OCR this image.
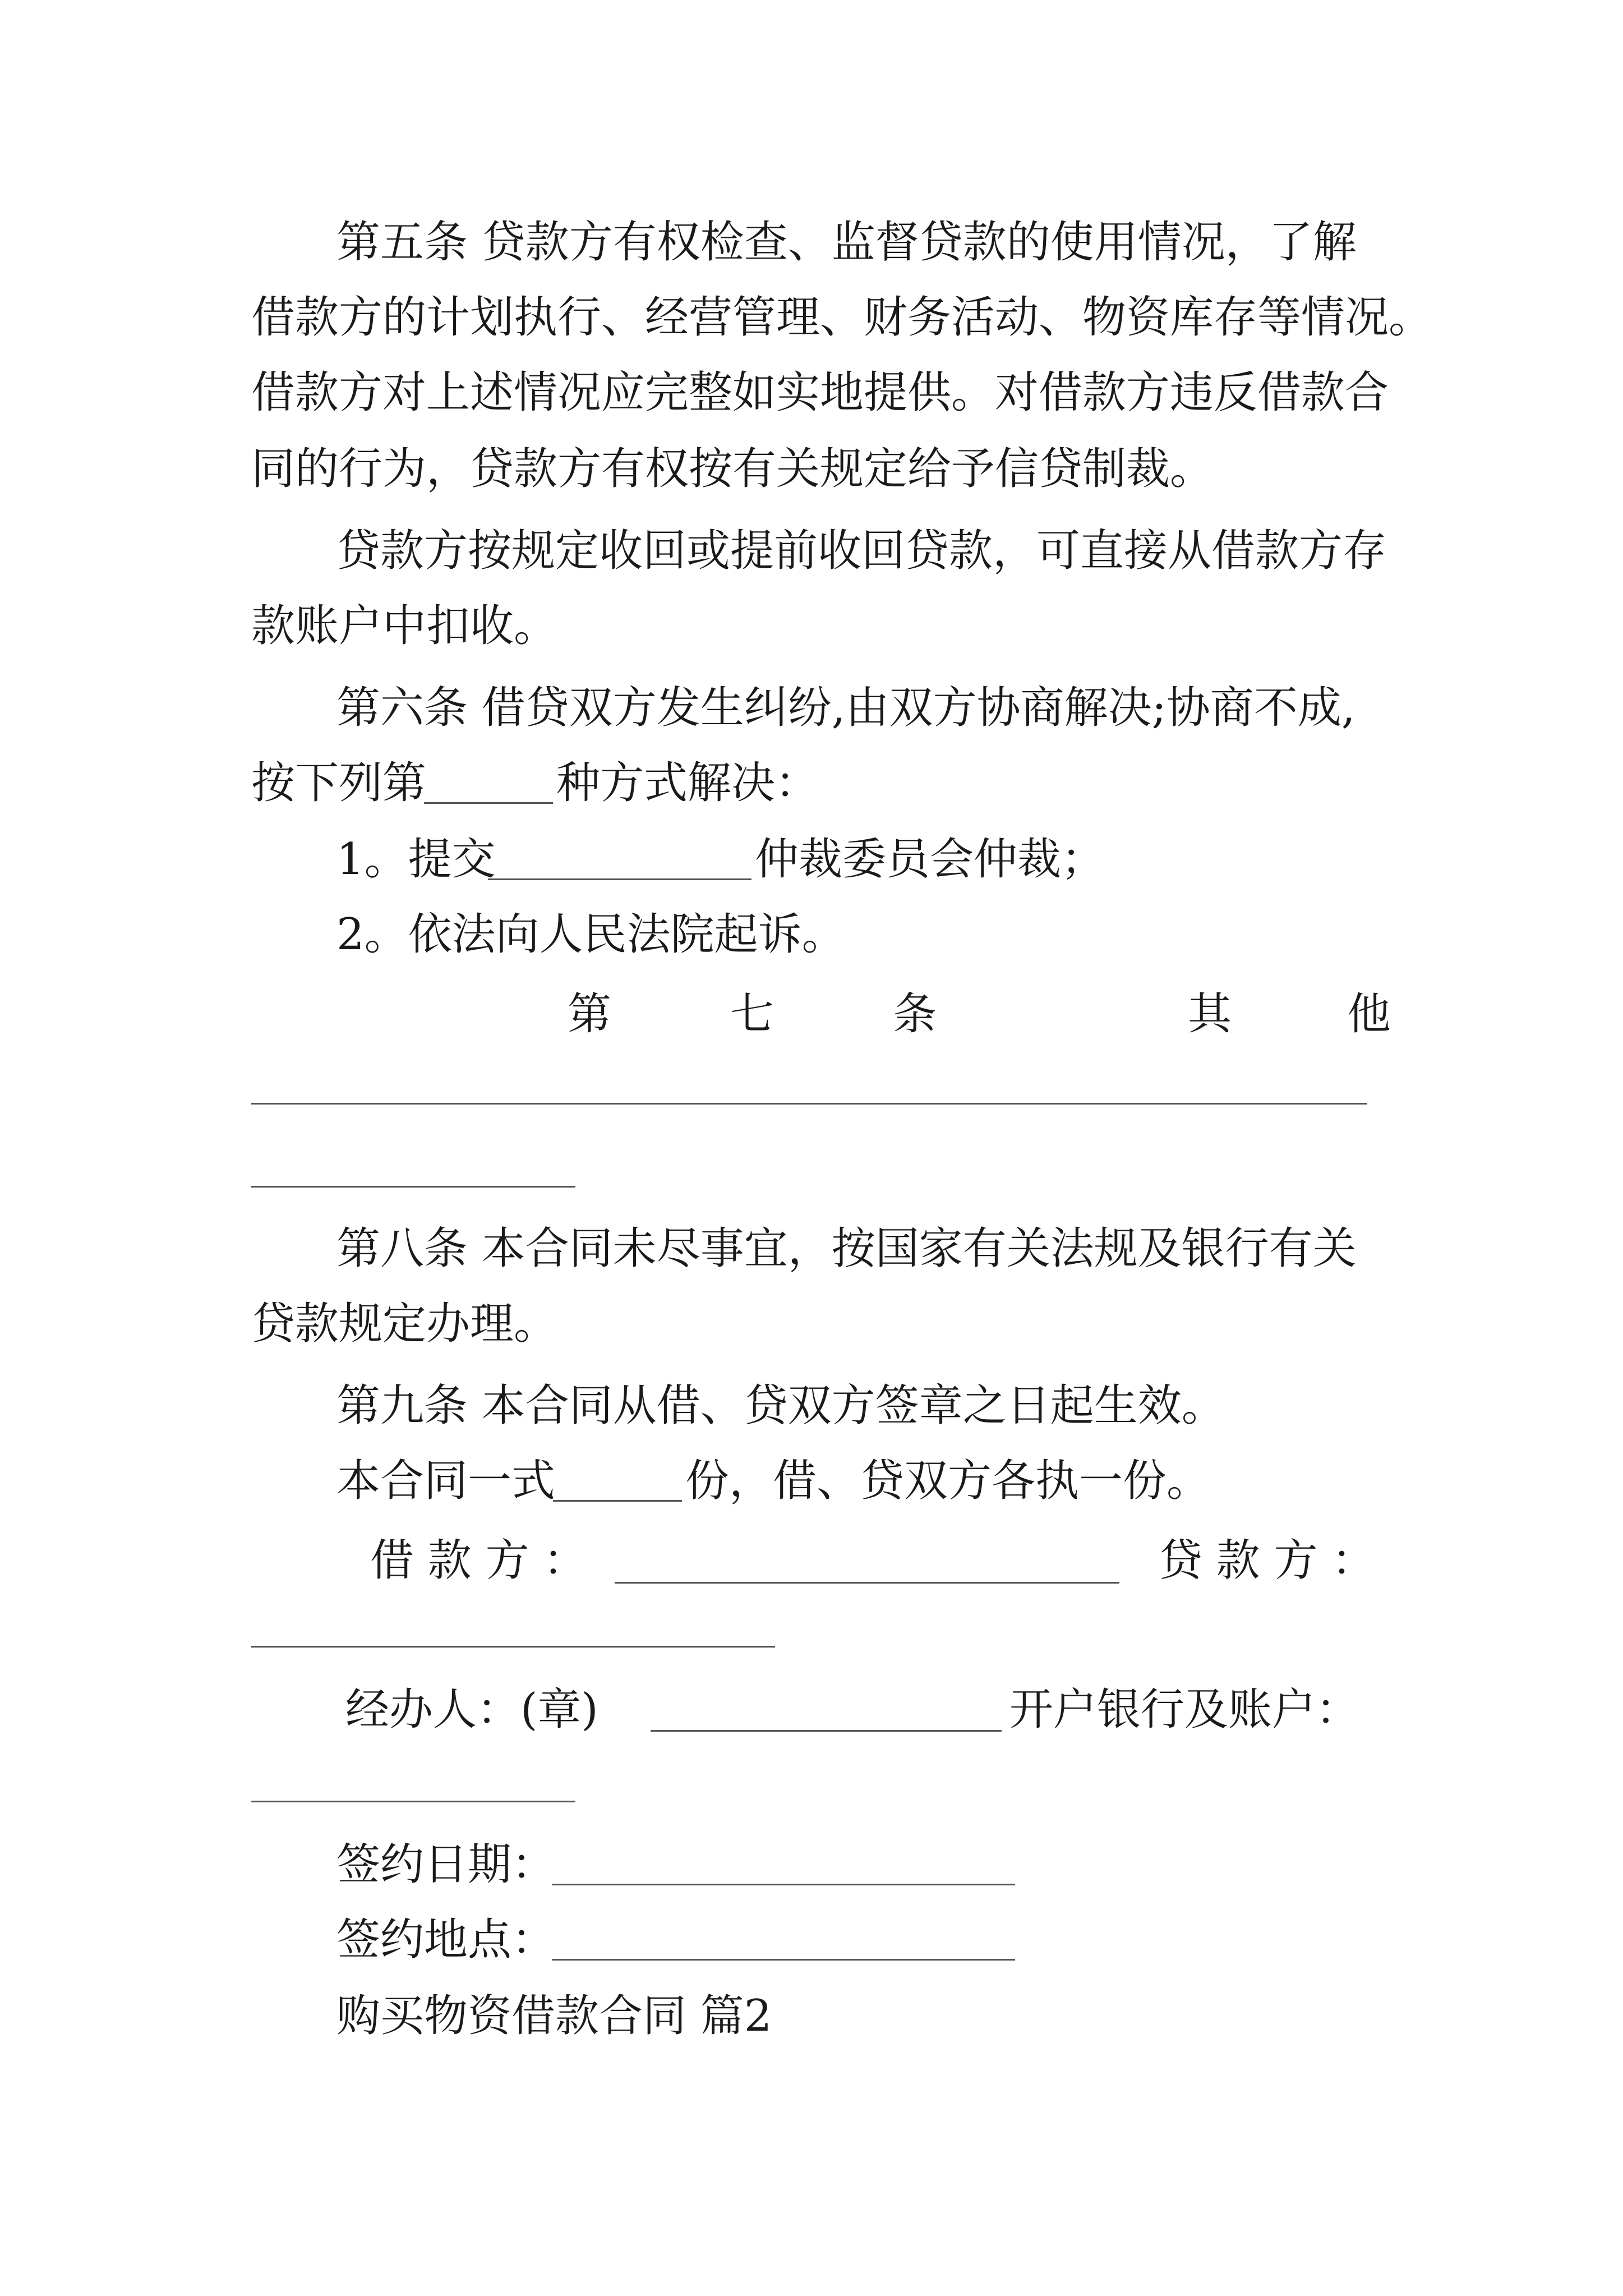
第五条 贷款方有权检查、监督贷款的使用情况，了解
借款方的计划执行、经营管理、财务活动、物资库存等情况。
借款方对上述情况应完整如实地提供。对借款方违反借款合
同的行为，贷款方有权按有关规定给予信贷制裁。
贷款方按规定收回或提前收回贷款，可直接从借款方存
款账户中扣收。
第六条 借贷双方发生纠纷,由双方协商解决;协商不成,
按下列第	种方式解决：
1。提交	仲裁委员会仲裁；
2。依法向人民法院起诉。
第	七	条	其	他
第八条 本合同未尽事宜，按国家有关法规及银行有关
贷款规定办理。
第九条 本合同从借、贷双方签章之日起生效。
本合同一式	份，借、贷双方各执一份。
借 款 方 ：	贷 款 方 ：
经办人：(章)	开户银行及账户：
签约日期：
签约地点：
购买物资借款合同 篇2
